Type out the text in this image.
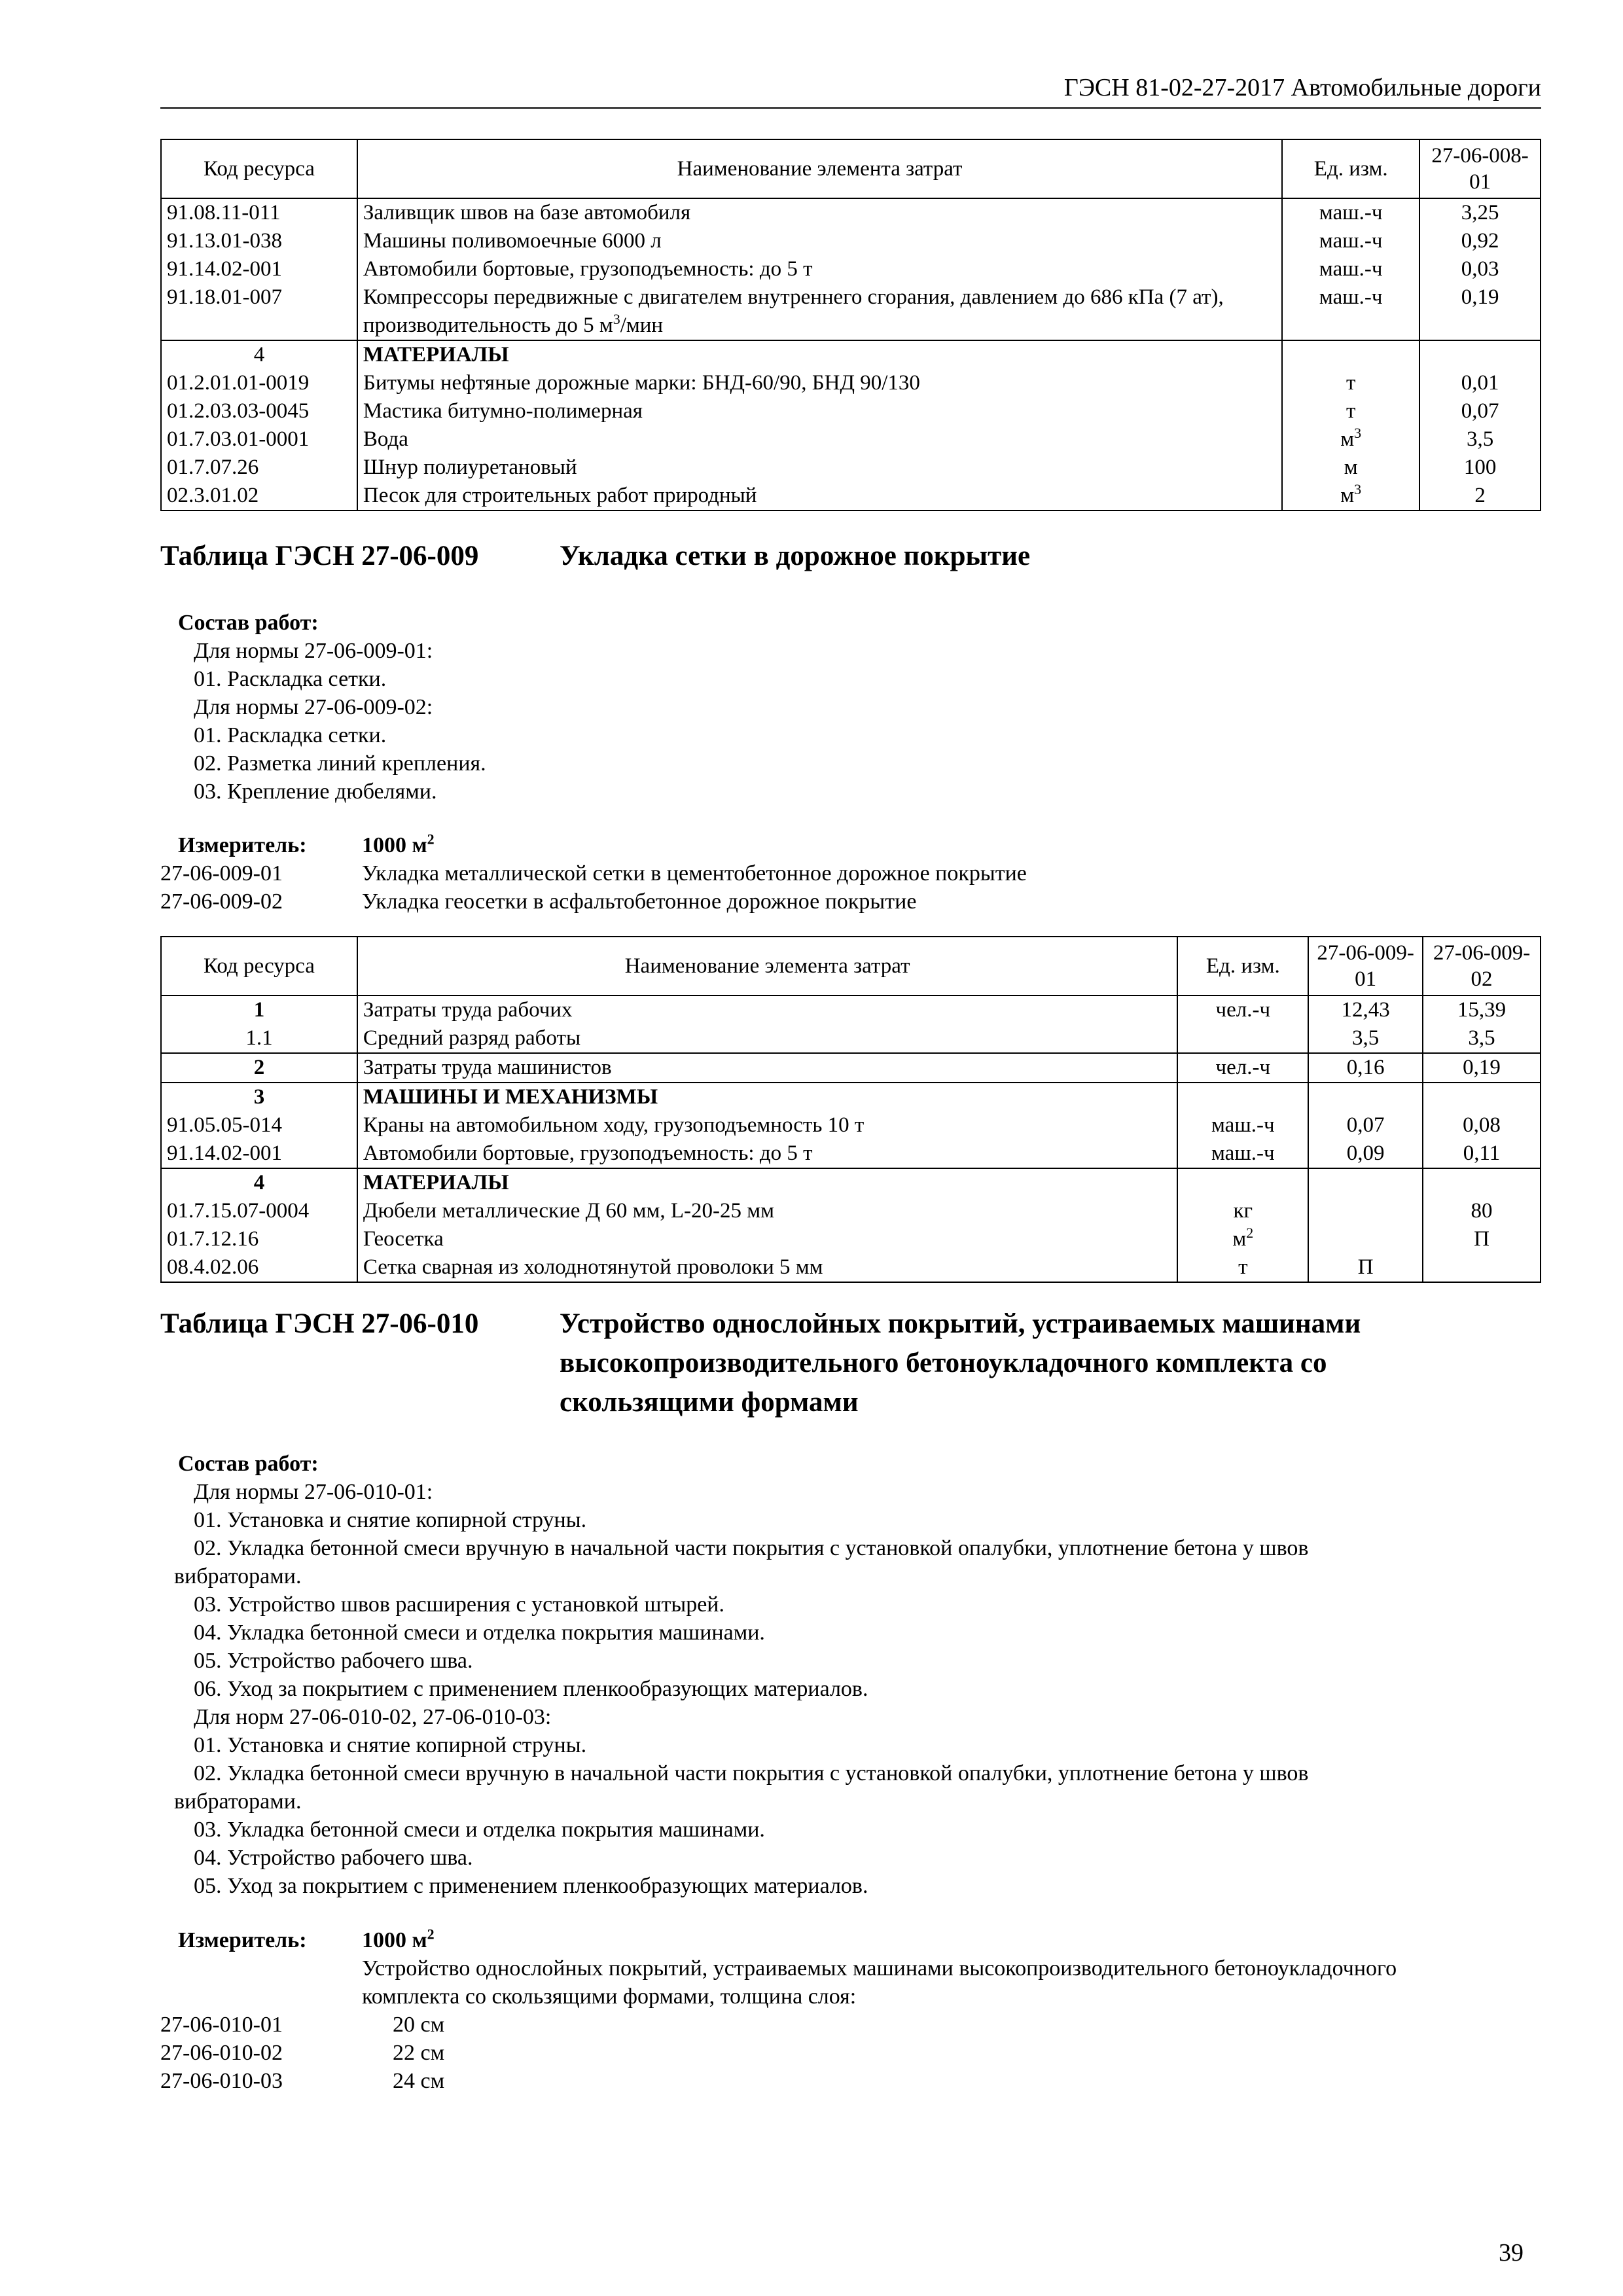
ГЭСН 81-02-27-2017 Автомобильные дороги
Код ресурса	Наименование элемента затрат	Ед. изм.	27-06-008-01
91.08.11-011	Заливщик швов на базе автомобиля	маш.-ч	3,25
91.13.01-038	Машины поливомоечные 6000 л	маш.-ч	0,92
91.14.02-001	Автомобили бортовые, грузоподъемность: до 5 т	маш.-ч	0,03
91.18.01-007	Компрессоры передвижные с двигателем внутреннего сгорания, давлением до 686 кПа (7 ат), производительность до 5 $м^3$/мин	маш.-ч	0,19
4	МАТЕРИАЛЫ		
01.2.01.01-0019	Битумы нефтяные дорожные марки: БНД-60/90, БНД 90/130	т	0,01
01.2.03.03-0045	Мастика битумно-полимерная	т	0,07
01.7.03.01-0001	Вода	$м^3$	3,5
01.7.07.26	Шнур полиуретановый	м	100
02.3.01.02	Песок для строительных работ природный	$м^3$	2
Таблица ГЭСН 27-06-009	Укладка сетки в дорожное покрытие
Состав работ:
Для нормы 27-06-009-01:
01. Раскладка сетки.
Для нормы 27-06-009-02:
01. Раскладка сетки.
02. Разметка линий крепления.
03. Крепление дюбелями.
Измеритель: 1000 $м^2$
27-06-009-01	Укладка металлической сетки в цементобетонное дорожное покрытие
27-06-009-02	Укладка геосетки в асфальтобетонное дорожное покрытие
Код ресурса	Наименование элемента затрат	Ед. изм.	27-06-009-01	27-06-009-02
1	Затраты труда рабочих	чел.-ч	12,43	15,39
1.1	Средний разряд работы		3,5	3,5
2	Затраты труда машинистов	чел.-ч	0,16	0,19
3	МАШИНЫ И МЕХАНИЗМЫ			
91.05.05-014	Краны на автомобильном ходу, грузоподъемность 10 т	маш.-ч	0,07	0,08
91.14.02-001	Автомобили бортовые, грузоподъемность: до 5 т	маш.-ч	0,09	0,11
4	МАТЕРИАЛЫ			
01.7.15.07-0004	Дюбели металлические Д 60 мм, L-20-25 мм	кг		80
01.7.12.16	Геосетка	$м^2$		П
08.4.02.06	Сетка сварная из холоднотянутой проволоки 5 мм	т	П	
Таблица ГЭСН 27-06-010	Устройство однослойных покрытий, устраиваемых машинами
высокопроизводительного бетоноукладочного комплекта со
скользящими формами
Состав работ:
Для нормы 27-06-010-01:
01. Установка и снятие копирной струны.
02. Укладка бетонной смеси вручную в начальной части покрытия с установкой опалубки, уплотнение бетона у швов
вибраторами.
03. Устройство швов расширения с установкой штырей.
04. Укладка бетонной смеси и отделка покрытия машинами.
05. Устройство рабочего шва.
06. Уход за покрытием с применением пленкообразующих материалов.
Для норм 27-06-010-02, 27-06-010-03:
01. Установка и снятие копирной струны.
02. Укладка бетонной смеси вручную в начальной части покрытия с установкой опалубки, уплотнение бетона у швов
вибраторами.
03. Укладка бетонной смеси и отделка покрытия машинами.
04. Устройство рабочего шва.
05. Уход за покрытием с применением пленкообразующих материалов.
Измеритель: 1000 $м^2$
Устройство однослойных покрытий, устраиваемых машинами высокопроизводительного бетоноукладочного
комплекта со скользящими формами, толщина слоя:
27-06-010-01	20 см
27-06-010-02	22 см
27-06-010-03	24 см
39
